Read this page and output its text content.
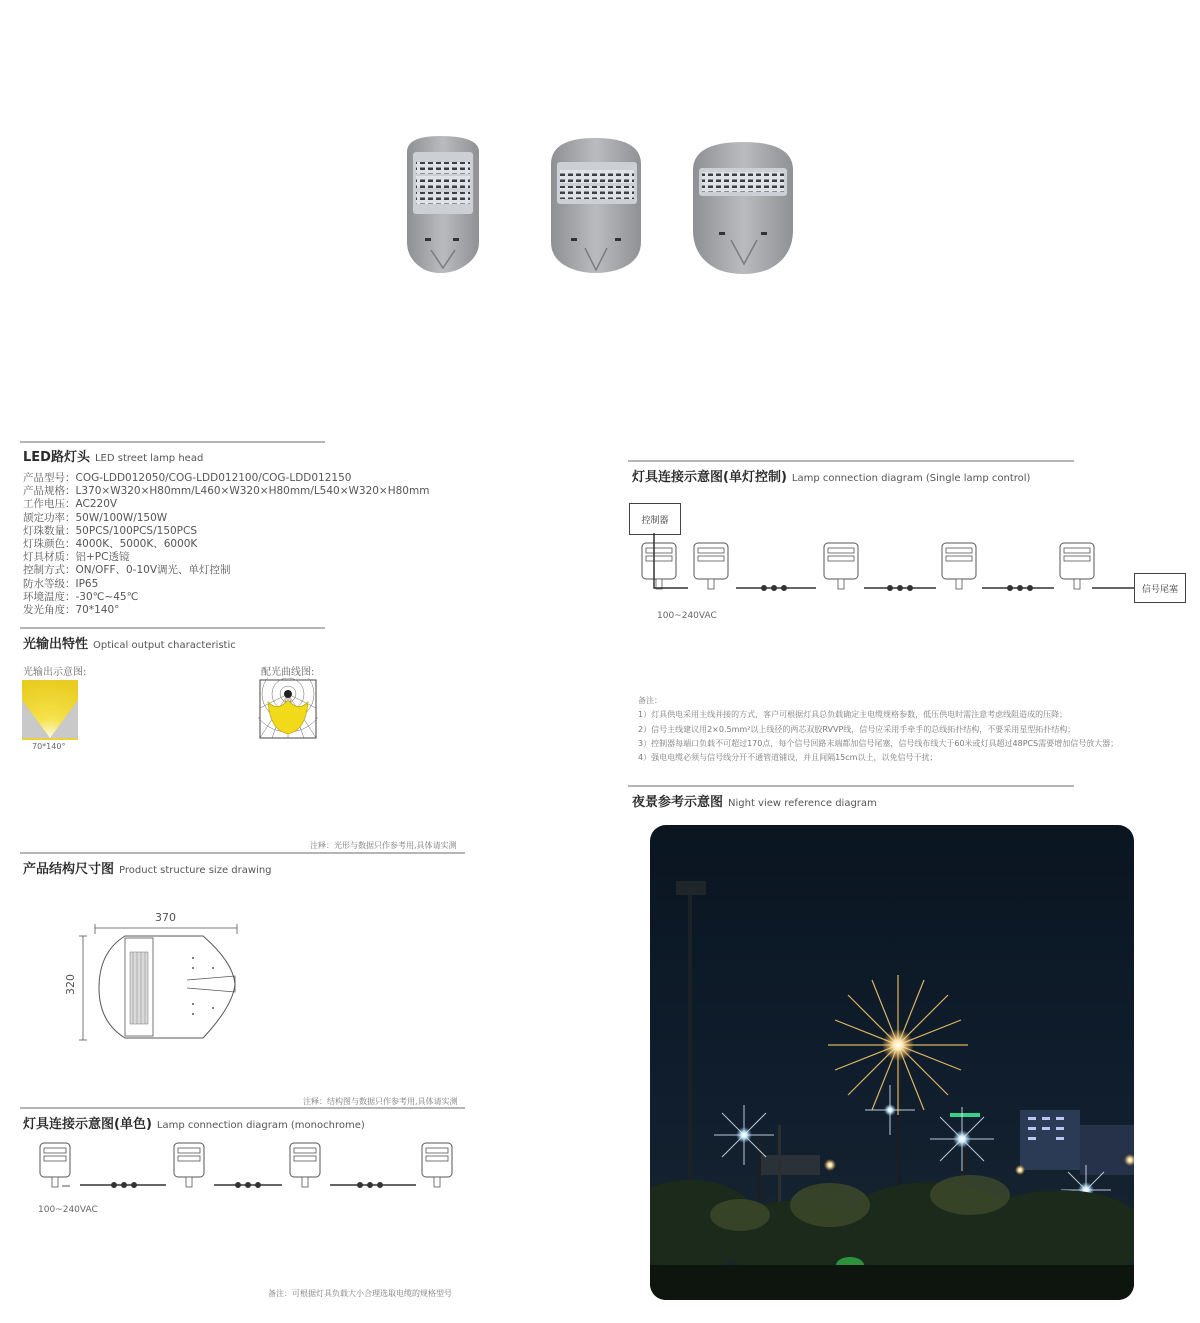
LED路灯头 LED street lamp head
产品型号：COG-LDD012050/COG-LDD012100/COG-LDD012150
产品规格：L370×W320×H80mm/L460×W320×H80mm/L540×W320×H80mm
工作电压：AC220V
颉定功率：50W/100W/150W
灯珠数量：50PCS/100PCS/150PCS
灯珠颜色：4000K、5000K、6000K
灯具材质：铝+PC透镜
控制方式：ON/OFF、0-10V调光、单灯控制
防水等级：IP65
环境温度：-30℃~45℃
发光角度：70*140°
光输出特性 Optical output characteristic
光输出示意图:
70*140°
配光曲线图:
注释：光形与数据只作参考用,具体请实测
产品结构尺寸图 Product structure size drawing
370
320
注释：结构图与数据只作参考用,具体请实测
灯具连接示意图(单色) Lamp connection diagram (monochrome)
100~240VAC
备注：可根据灯具负载大小合理选取电缆的规格型号
灯具连接示意图(单灯控制) Lamp connection diagram (Single lamp control)
控制器
信号尾塞
100~240VAC
备注：
1）灯具供电采用主线并接的方式，客户可根据灯具总负载确定主电缆规格参数，低压供电时需注意考虑线阻造成的压降；
2）信号主线建议用2×0.5mm²以上线径的两芯双胶RVVP线，信号应采用手牵手的总线拓扑结构，不要采用星型拓扑结构；
3）控制器每端口负载不可超过170点，每个信号回路末端都加信号尾塞，信号线布线大于60米或灯具超过48PCS需要增加信号放大器；
4）强电电缆必须与信号线分开不通管道铺设，并且间隔15cm以上，以免信号干扰；
夜景参考示意图 Night view reference diagram
